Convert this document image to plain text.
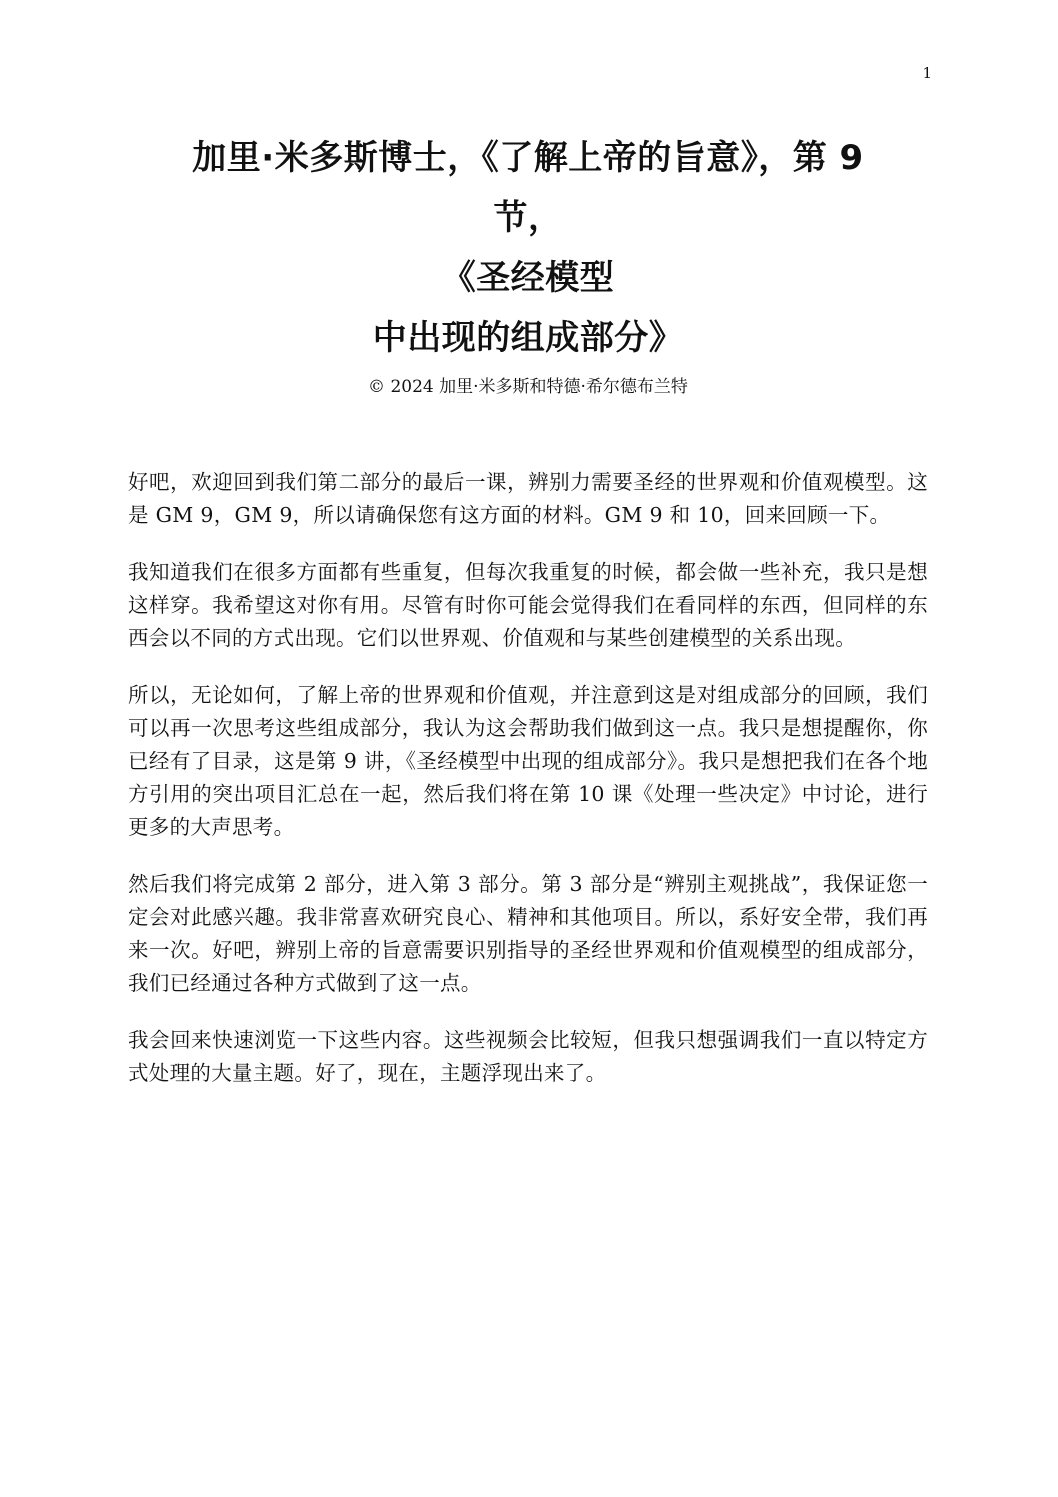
1
加里·米多斯博士，《了解上帝的旨意》，第 9
节，
《圣经模型
中出现的组成部分》
© 2024 加里·米多斯和特德·希尔德布兰特

好吧，欢迎回到我们第二部分的最后一课，辨别力需要圣经的世界观和价值观模型。这是 GM 9，GM 9，所以请确保您有这方面的材料。GM 9 和 10，回来回顾一下。

我知道我们在很多方面都有些重复，但每次我重复的时候，都会做一些补充，我只是想这样穿。我希望这对你有用。尽管有时你可能会觉得我们在看同样的东西，但同样的东西会以不同的方式出现。它们以世界观、价值观和与某些创建模型的关系出现。

所以，无论如何，了解上帝的世界观和价值观，并注意到这是对组成部分的回顾，我们可以再一次思考这些组成部分，我认为这会帮助我们做到这一点。我只是想提醒你，你已经有了目录，这是第 9 讲，《圣经模型中出现的组成部分》。我只是想把我们在各个地方引用的突出项目汇总在一起，然后我们将在第 10 课《处理一些决定》中讨论，进行更多的大声思考。

然后我们将完成第 2 部分，进入第 3 部分。第 3 部分是“辨别主观挑战”，我保证您一定会对此感兴趣。我非常喜欢研究良心、精神和其他项目。所以，系好安全带，我们再来一次。好吧，辨别上帝的旨意需要识别指导的圣经世界观和价值观模型的组成部分，我们已经通过各种方式做到了这一点。

我会回来快速浏览一下这些内容。这些视频会比较短，但我只想强调我们一直以特定方式处理的大量主题。好了，现在，主题浮现出来了。
